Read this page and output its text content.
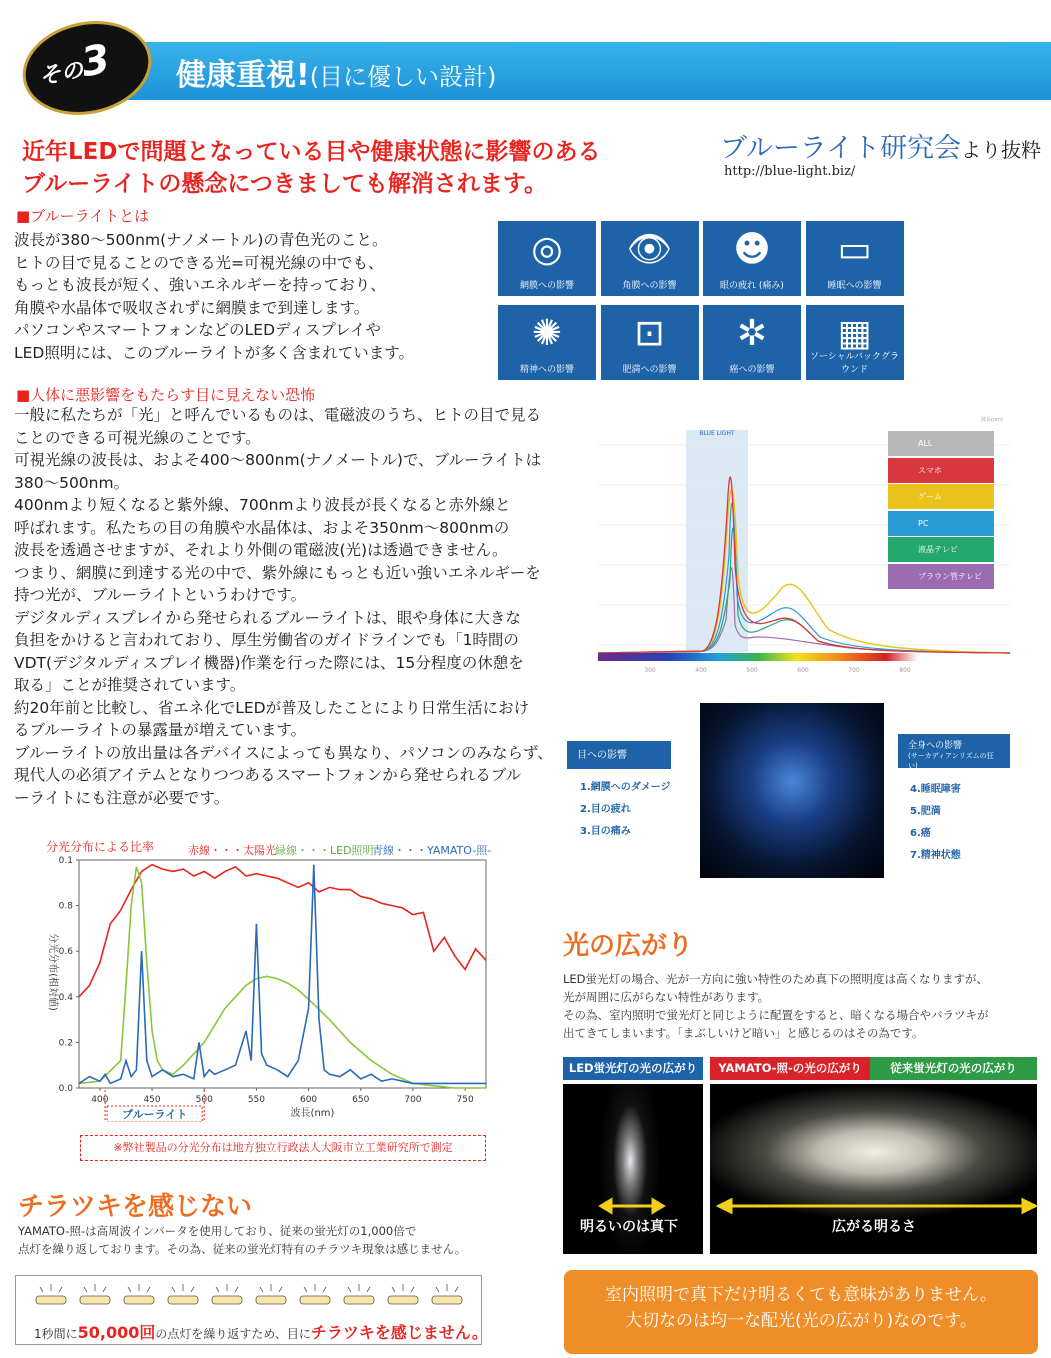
その3 健康重視!(目に優しい設計)
近年LEDで問題となっている目や健康状態に影響のある
ブルーライトの懸念につきましても解消されます。
ブルーライト研究会より抜粋
http://blue-light.biz/
■ブルーライトとは
波長が380～500nm(ナノメートル)の青色光のこと。
ヒトの目で見ることのできる光=可視光線の中でも、
もっとも波長が短く、強いエネルギーを持っており、
角膜や水晶体で吸収されずに網膜まで到達します。
パソコンやスマートフォンなどのLEDディスプレイや
LED照明には、このブルーライトが多く含まれています。
■人体に悪影響をもたらす目に見えない恐怖
一般に私たちが「光」と呼んでいるものは、電磁波のうち、ヒトの目で見る
ことのできる可視光線のことです。
可視光線の波長は、およそ400～800nm(ナノメートル)で、ブルーライトは
380～500nm。
400nmより短くなると紫外線、700nmより波長が長くなると赤外線と
呼ばれます。私たちの目の角膜や水晶体は、およそ350nm～800nmの
波長を透過させますが、それより外側の電磁波(光)は透過できません。
つまり、網膜に到達する光の中で、紫外線にもっとも近い強いエネルギーを
持つ光が、ブルーライトというわけです。
デジタルディスプレイから発せられるブルーライトは、眼や身体に大きな
負担をかけると言われており、厚生労働省のガイドラインでも「1時間の
VDT(デジタルディスプレイ機器)作業を行った際には、15分程度の休憩を
取る」ことが推奨されています。
約20年前と比較し、省エネ化でLEDが普及したことにより日常生活におけ
るブルーライトの暴露量が増えています。
ブルーライトの放出量は各デバイスによっても異なり、パソコンのみならず、
現代人の必須アイテムとなりつつあるスマートフォンから発せられるブル
ーライトにも注意が必要です。
◎
網膜への影響
👁
角膜への影響
☻
眼の疲れ (痛み)
▭
睡眠への影響
✺
精神への影響
⊡
肥満への影響
✲
癌への影響
▦
ソーシャルバックグラウンド
BLUE LIGHT
波長(nm)
300	400	500	600	700	800
ALL
スマホ
ゲーム
PC
液晶テレビ
ブラウン管テレビ
目への影響
1.網膜へのダメージ
2.目の疲れ
3.目の痛み
全身への影響
(サーカディアンリズムの狂い)
4.睡眠障害
5.肥満
6.癌
7.精神状態
分光分布による比率	赤線・・・太陽光 緑線・・・LED照明
青線・・・YAMATO-照-
0.0
0.2
0.4
0.6
0.8
0.1
400	450	500	550	600	650	700	750
ブルーライト	波長(nm)
分光分布(相対値)
※弊社製品の分光分布は地方独立行政法人大阪市立工業研究所で測定
チラツキを感じない
YAMATO-照-は高周波インバータを使用しており、従来の蛍光灯の1,000倍で
点灯を繰り返しております。その為、従来の蛍光灯特有のチラツキ現象は感じません。
1秒間に50,000回の点灯を繰り返すため、目にチラツキを感じません。
光の広がり
LED蛍光灯の場合、光が一方向に強い特性のため真下の照明度は高くなりますが、
光が周囲に広がらない特性があります。
その為、室内照明で蛍光灯と同じように配置をすると、暗くなる場合やバラツキが
出てきてしまいます。「まぶしいけど暗い」と感じるのはその為です。
LED蛍光灯の光の広がり	YAMATO-照-の光の広がり	従来蛍光灯の光の広がり
明るいのは真下	広がる明るさ
室内照明で真下だけ明るくても意味がありません。
大切なのは均一な配光(光の広がり)なのです。
